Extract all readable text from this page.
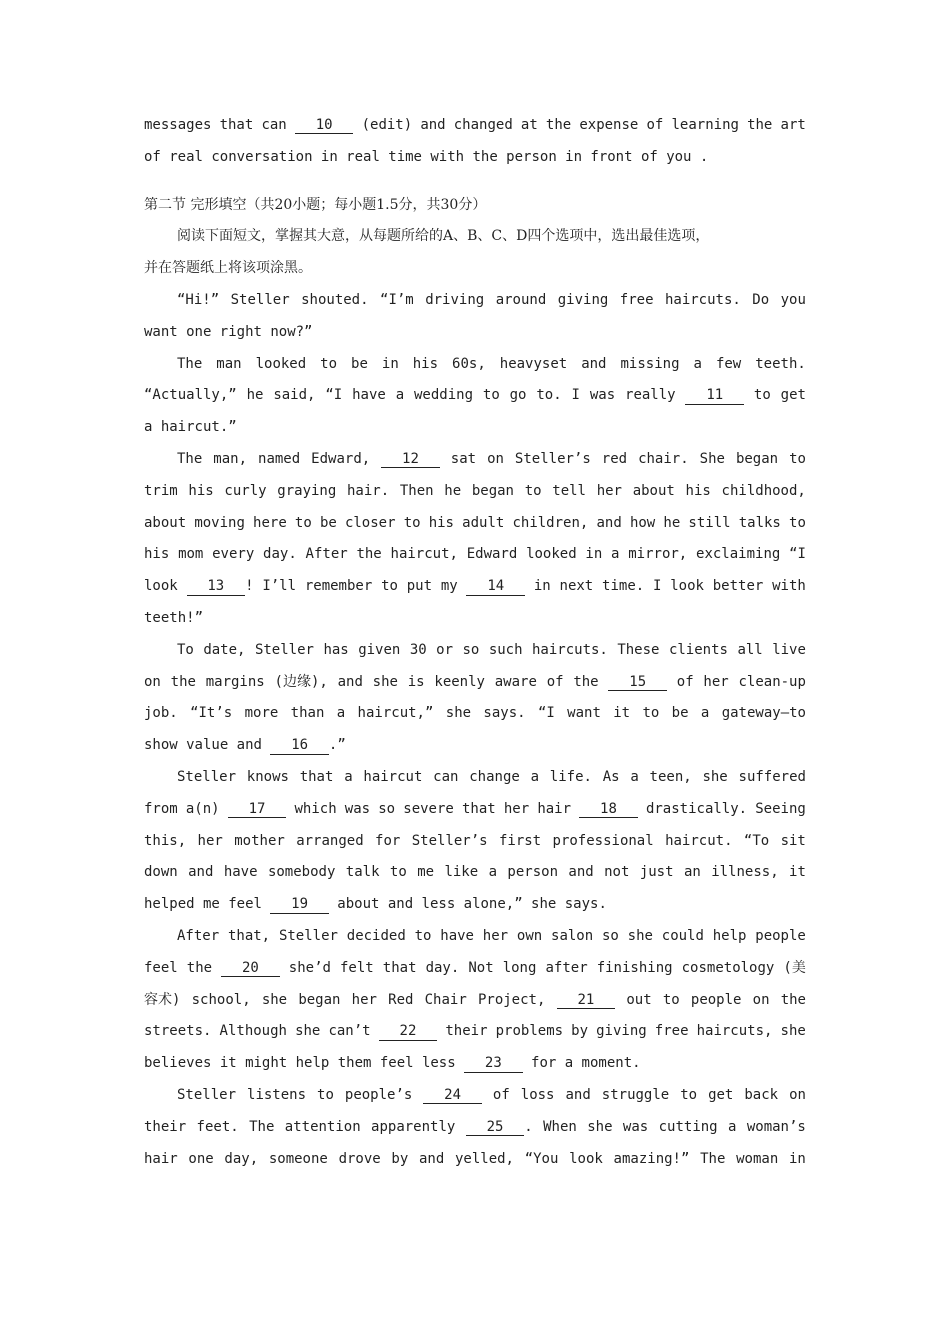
messages that can 10 (edit) and changed at the expense of learning the art
of real conversation in real time with the person in front of you .
第二节 完形填空（共20小题；每小题1.5分，共30分）
阅读下面短文，掌握其大意，从每题所给的A、B、C、D四个选项中，选出最佳选项，
并在答题纸上将该项涂黑。
“Hi!” Steller shouted. “I’m driving around giving free haircuts. Do you
want one right now?”
The man looked to be in his 60s, heavyset and missing a few teeth.
“Actually,” he said, “I have a wedding to go to. I was really 11 to get
a haircut.”
The man, named Edward, 12 sat on Steller’s red chair. She began to
trim his curly graying hair. Then he began to tell her about his childhood,
about moving here to be closer to his adult children, and how he still talks to
his mom every day. After the haircut, Edward looked in a mirror, exclaiming “I
look 13  ! I’ll remember to put my 14 in next time. I look better with
teeth!”
To date, Steller has given 30 or so such haircuts. These clients all live
on the margins (边缘), and she is keenly aware of the 15 of her clean-up
job. “It’s more than a haircut,” she says. “I want it to be a gateway—to
show value and 16  .”
Steller knows that a haircut can change a life. As a teen, she suffered
from a(n) 17 which was so severe that her hair 18 drastically. Seeing
this, her mother arranged for Steller’s first professional haircut. “To sit
down and have somebody talk to me like a person and not just an illness, it
helped me feel 19 about and less alone,” she says.
After that, Steller decided to have her own salon so she could help people
feel the 20 she’d felt that day. Not long after finishing cosmetology (美
容术) school, she began her Red Chair Project, 21 out to people on the
streets. Although she can’t 22 their problems by giving free haircuts, she
believes it might help them feel less 23 for a moment.
Steller listens to people’s 24 of loss and struggle to get back on
their feet. The attention apparently 25  . When she was cutting a woman’s
hair one day, someone drove by and yelled, “You look amazing!” The woman in
